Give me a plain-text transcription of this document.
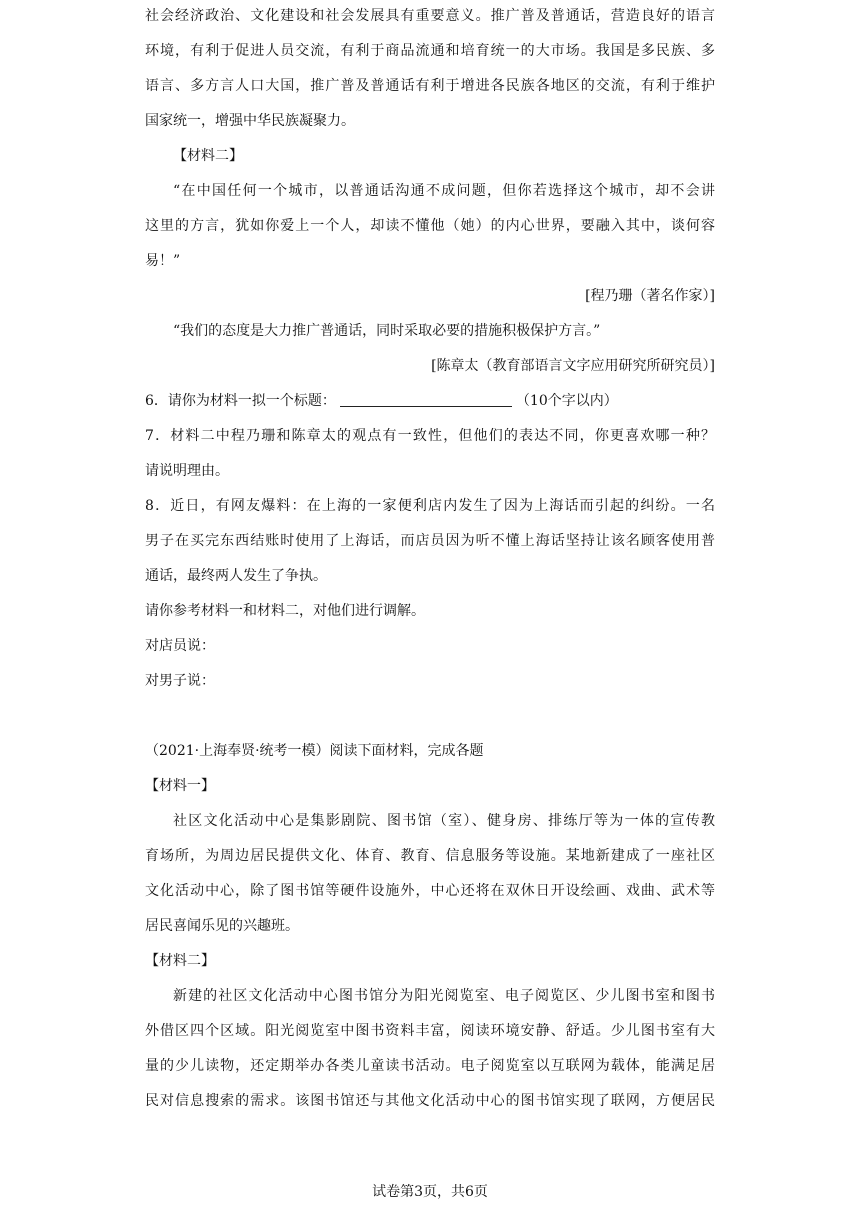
社会经济政治、文化建设和社会发展具有重要意义。推广普及普通话，营造良好的语言
环境，有利于促进人员交流，有利于商品流通和培育统一的大市场。我国是多民族、多
语言、多方言人口大国，推广普及普通话有利于增进各民族各地区的交流，有利于维护
国家统一，增强中华民族凝聚力。
【材料二】
“在中国任何一个城市，以普通话沟通不成问题，但你若选择这个城市，却不会讲
这里的方言，犹如你爱上一个人，却读不懂他（她）的内心世界，要融入其中，谈何容
易！”
[程乃珊（著名作家）]
“我们的态度是大力推广普通话，同时采取必要的措施积极保护方言。”
[陈章太（教育部语言文字应用研究所研究员）]
6．请你为材料一拟一个标题：	（10个字以内）
7．材料二中程乃珊和陈章太的观点有一致性，但他们的表达不同，你更喜欢哪一种？
请说明理由。
8．近日，有网友爆料：在上海的一家便利店内发生了因为上海话而引起的纠纷。一名
男子在买完东西结账时使用了上海话，而店员因为听不懂上海话坚持让该名顾客使用普
通话，最终两人发生了争执。
请你参考材料一和材料二，对他们进行调解。
对店员说：
对男子说：
（2021·上海奉贤·统考一模）阅读下面材料，完成各题
【材料一】
社区文化活动中心是集影剧院、图书馆（室）、健身房、排练厅等为一体的宣传教
育场所，为周边居民提供文化、体育、教育、信息服务等设施。某地新建成了一座社区
文化活动中心，除了图书馆等硬件设施外，中心还将在双休日开设绘画、戏曲、武术等
居民喜闻乐见的兴趣班。
【材料二】
新建的社区文化活动中心图书馆分为阳光阅览室、电子阅览区、少儿图书室和图书
外借区四个区域。阳光阅览室中图书资料丰富，阅读环境安静、舒适。少儿图书室有大
量的少儿读物，还定期举办各类儿童读书活动。电子阅览室以互联网为载体，能满足居
民对信息搜索的需求。该图书馆还与其他文化活动中心的图书馆实现了联网，方便居民
试卷第3页，共6页
